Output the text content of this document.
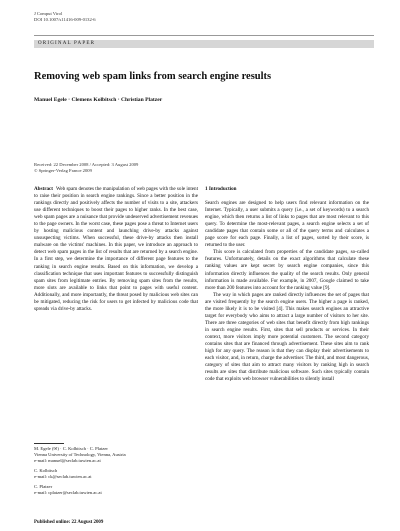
J Comput Virol
DOI 10.1007/s11416-009-0132-6
ORIGINAL PAPER
Removing web spam links from search engine results
Manuel Egele · Clemens Kolbitsch · Christian Platzer
Received: 22 December 2008 / Accepted: 3 August 2009
© Springer-Verlag France 2009

Abstract Web spam denotes the manipulation of web pages with the sole intent to raise their position in search engine rankings. Since a better position in the rankings directly and positively affects the number of visits to a site, attackers use different techniques to boost their pages to higher ranks. In the best case, web spam pages are a nuisance that provide undeserved advertisement revenues to the page owners. In the worst case, these pages pose a threat to Internet users by hosting malicious content and launching drive-by attacks against unsuspecting victims. When successful, these drive-by attacks then install malware on the victims' machines. In this paper, we introduce an approach to detect web spam pages in the list of results that are returned by a search engine. In a first step, we determine the importance of different page features to the ranking in search engine results. Based on this information, we develop a classification technique that uses important features to successfully distinguish spam sites from legitimate entries. By removing spam sites from the results, more slots are available to links that point to pages with useful content. Additionally, and more importantly, the threat posed by malicious web sites can be mitigated, reducing the risk for users to get infected by malicious code that spreads via drive-by attacks.

M. Egele (✉) · C. Kolbitsch · C. Platzer
Vienna University of Technology, Vienna, Austria
e-mail: manuel@seclab.tuwien.ac.at
C. Kolbitsch
e-mail: ck@seclab.tuwien.ac.at
C. Platzer
e-mail: cplatzer@seclab.tuwien.ac.at
Published online: 22 August 2009
1 Introduction

Search engines are designed to help users find relevant information on the Internet. Typically, a user submits a query (i.e., a set of keywords) to a search engine, which then returns a list of links to pages that are most relevant to this query. To determine the most-relevant pages, a search engine selects a set of candidate pages that contain some or all of the query terms and calculates a page score for each page. Finally, a list of pages, sorted by their score, is returned to the user.

This score is calculated from properties of the candidate pages, so-called features. Unfortunately, details on the exact algorithms that calculate these ranking values are kept secret by search engine companies, since this information directly influences the quality of the search results. Only general information is made available. For example, in 2007, Google claimed to take more than 200 features into account for the ranking value [9].

The way in which pages are ranked directly influences the set of pages that are visited frequently by the search engine users. The higher a page is ranked, the more likely it is to be visited [4]. This makes search engines an attractive target for everybody who aims to attract a large number of visitors to her site. There are three categories of web sites that benefit directly from high rankings in search engine results. First, sites that sell products or services. In their context, more visitors imply more potential customers. The second category contains sites that are financed through advertisement. These sites aim to rank high for any query. The reason is that they can display their advertisements to each visitor, and, in return, charge the advertiser. The third, and most dangerous, category of sites that aim to attract many visitors by ranking high in search results are sites that distribute malicious software. Such sites typically contain code that exploits web browser vulnerabilities to silently install
